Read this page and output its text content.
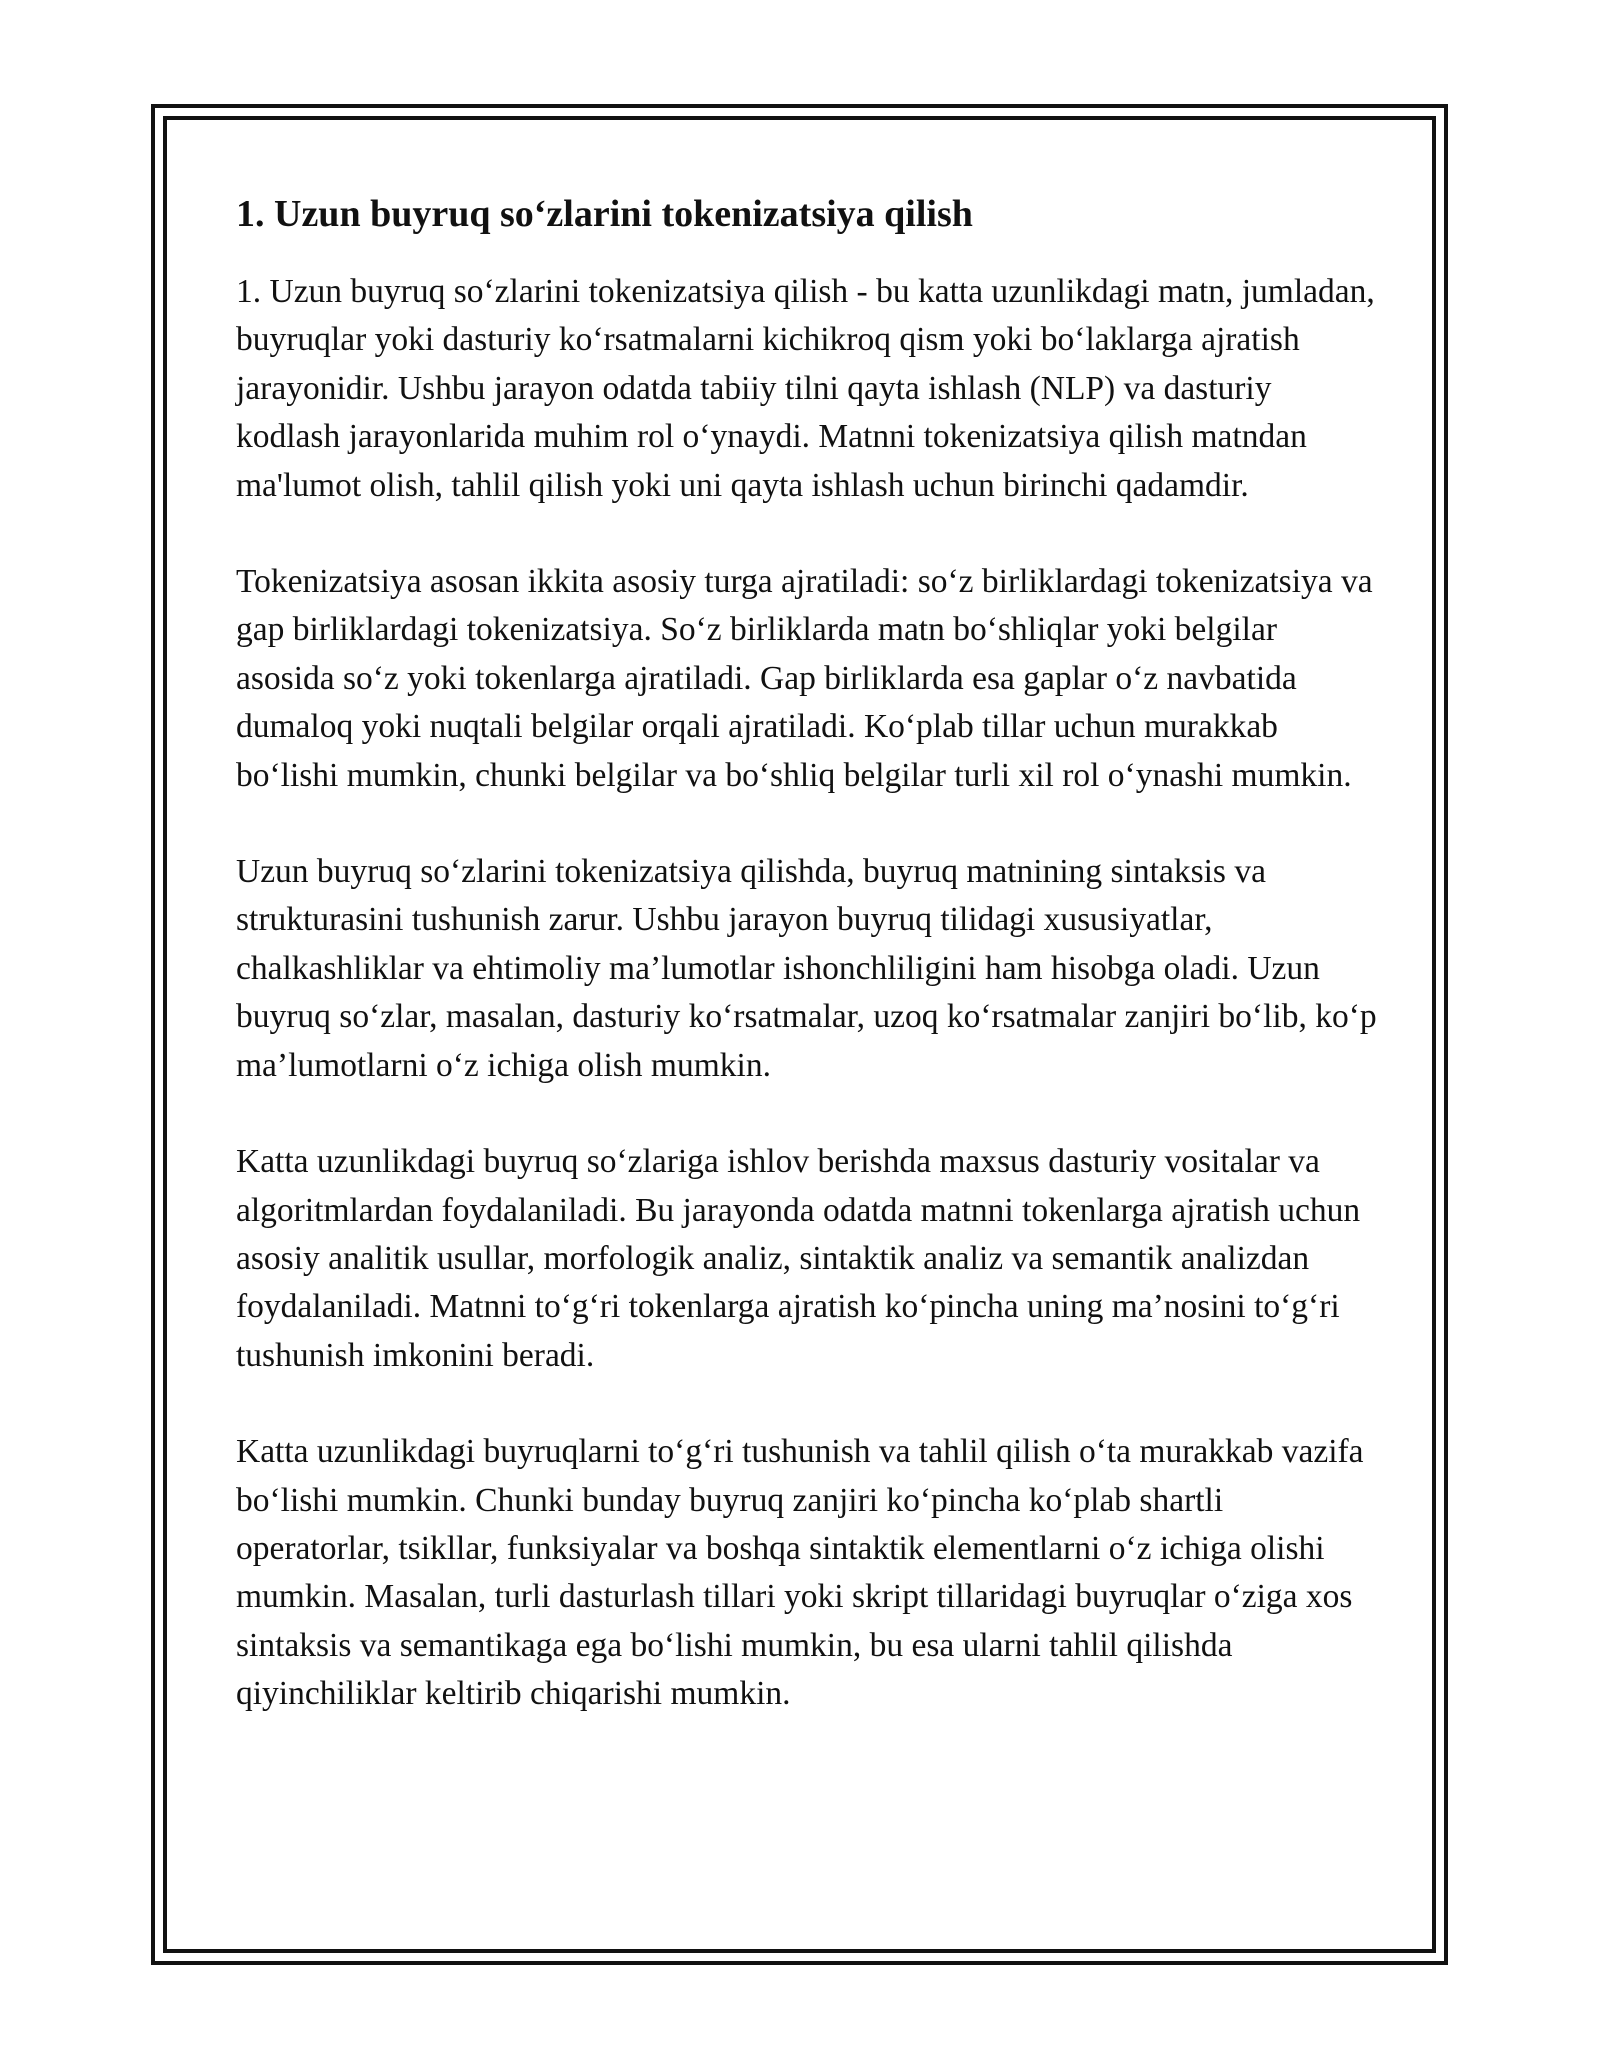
1. Uzun buyruq so‘zlarini tokenizatsiya qilish

1. Uzun buyruq so‘zlarini tokenizatsiya qilish - bu katta uzunlikdagi matn, jumladan, buyruqlar yoki dasturiy ko‘rsatmalarni kichikroq qism yoki bo‘laklarga ajratish jarayonidir. Ushbu jarayon odatda tabiiy tilni qayta ishlash (NLP) va dasturiy kodlash jarayonlarida muhim rol o‘ynaydi. Matnni tokenizatsiya qilish matndan ma'lumot olish, tahlil qilish yoki uni qayta ishlash uchun birinchi qadamdir.

Tokenizatsiya asosan ikkita asosiy turga ajratiladi: so‘z birliklardagi tokenizatsiya va gap birliklardagi tokenizatsiya. So‘z birliklarda matn bo‘shliqlar yoki belgilar asosida so‘z yoki tokenlarga ajratiladi. Gap birliklarda esa gaplar o‘z navbatida dumaloq yoki nuqtali belgilar orqali ajratiladi. Ko‘plab tillar uchun murakkab bo‘lishi mumkin, chunki belgilar va bo‘shliq belgilar turli xil rol o‘ynashi mumkin.

Uzun buyruq so‘zlarini tokenizatsiya qilishda, buyruq matnining sintaksis va strukturasini tushunish zarur. Ushbu jarayon buyruq tilidagi xususiyatlar, chalkashliklar va ehtimoliy ma’lumotlar ishonchliligini ham hisobga oladi. Uzun buyruq so‘zlar, masalan, dasturiy ko‘rsatmalar, uzoq ko‘rsatmalar zanjiri bo‘lib, ko‘p ma’lumotlarni o‘z ichiga olish mumkin.

Katta uzunlikdagi buyruq so‘zlariga ishlov berishda maxsus dasturiy vositalar va algoritmlardan foydalaniladi. Bu jarayonda odatda matnni tokenlarga ajratish uchun asosiy analitik usullar, morfologik analiz, sintaktik analiz va semantik analizdan foydalaniladi. Matnni to‘g‘ri tokenlarga ajratish ko‘pincha uning ma’nosini to‘g‘ri tushunish imkonini beradi.

Katta uzunlikdagi buyruqlarni to‘g‘ri tushunish va tahlil qilish o‘ta murakkab vazifa bo‘lishi mumkin. Chunki bunday buyruq zanjiri ko‘pincha ko‘plab shartli operatorlar, tsikllar, funksiyalar va boshqa sintaktik elementlarni o‘z ichiga olishi mumkin. Masalan, turli dasturlash tillari yoki skript tillaridagi buyruqlar o‘ziga xos sintaksis va semantikaga ega bo‘lishi mumkin, bu esa ularni tahlil qilishda qiyinchiliklar keltirib chiqarishi mumkin.
